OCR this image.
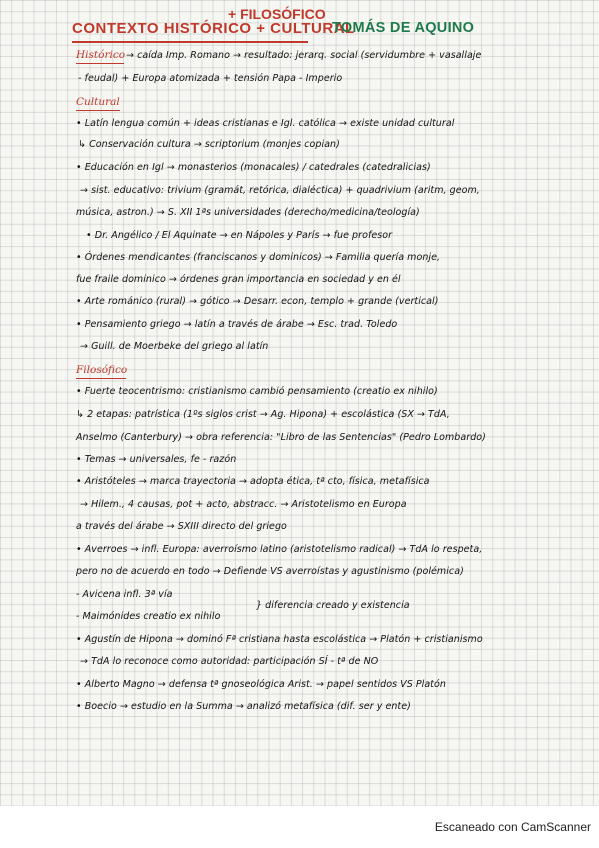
+ FILOSÓFICO
CONTEXTO HISTÓRICO + CULTURAL
TOMÁS DE AQUINO
Histórico → caída Imp. Romano → resultado: jerarq. social (servidumbre + vasallaje
- feudal) + Europa atomizada + tensión Papa - Imperio
Cultural
• Latín lengua común + ideas cristianas e Igl. católica → existe unidad cultural
↳ Conservación cultura → scriptorium (monjes copian)
• Educación en Igl → monasterios (monacales) / catedrales (catedralicias)
→ sist. educativo: trivium (gramát, retórica, dialéctica) + quadrivium (aritm, geom,
música, astron.) → S. XII 1ªs universidades (derecho/medicina/teología)
• Dr. Angélico / El Aquinate → en Nápoles y París → fue profesor
• Órdenes mendicantes (franciscanos y dominicos) → Familia quería monje,
fue fraile dominico → órdenes gran importancia en sociedad y en él
• Arte románico (rural) → gótico → Desarr. econ, templo + grande (vertical)
• Pensamiento griego → latín a través de árabe → Esc. trad. Toledo
→ Guill. de Moerbeke del griego al latín
Filosófico
• Fuerte teocentrismo: cristianismo cambió pensamiento (creatio ex nihilo)
↳ 2 etapas: patrística (1ºs siglos crist → Ag. Hipona) + escolástica (SX → TdA,
Anselmo (Canterbury) → obra referencia: "Libro de las Sentencias" (Pedro Lombardo)
• Temas → universales, fe - razón
• Aristóteles → marca trayectoria → adopta ética, tª cto, física, metafísica
→ Hilem., 4 causas, pot + acto, abstracc. → Aristotelismo en Europa
a través del árabe → SXIII directo del griego
• Averroes → infl. Europa: averroísmo latino (aristotelismo radical) → TdA lo respeta,
pero no de acuerdo en todo → Defiende VS averroístas y agustinismo (polémica)
- Avicena infl. 3ª vía
- Maimónides creatio ex nihilo
} diferencia creado y existencia
• Agustín de Hipona → dominó Fª cristiana hasta escolástica → Platón + cristianismo
→ TdA lo reconoce como autoridad: participación SÍ - tª de NO
• Alberto Magno → defensa tª gnoseológica Arist. → papel sentidos VS Platón
• Boecio → estudio en la Summa → analizó metafísica (dif. ser y ente)
Escaneado con CamScanner
